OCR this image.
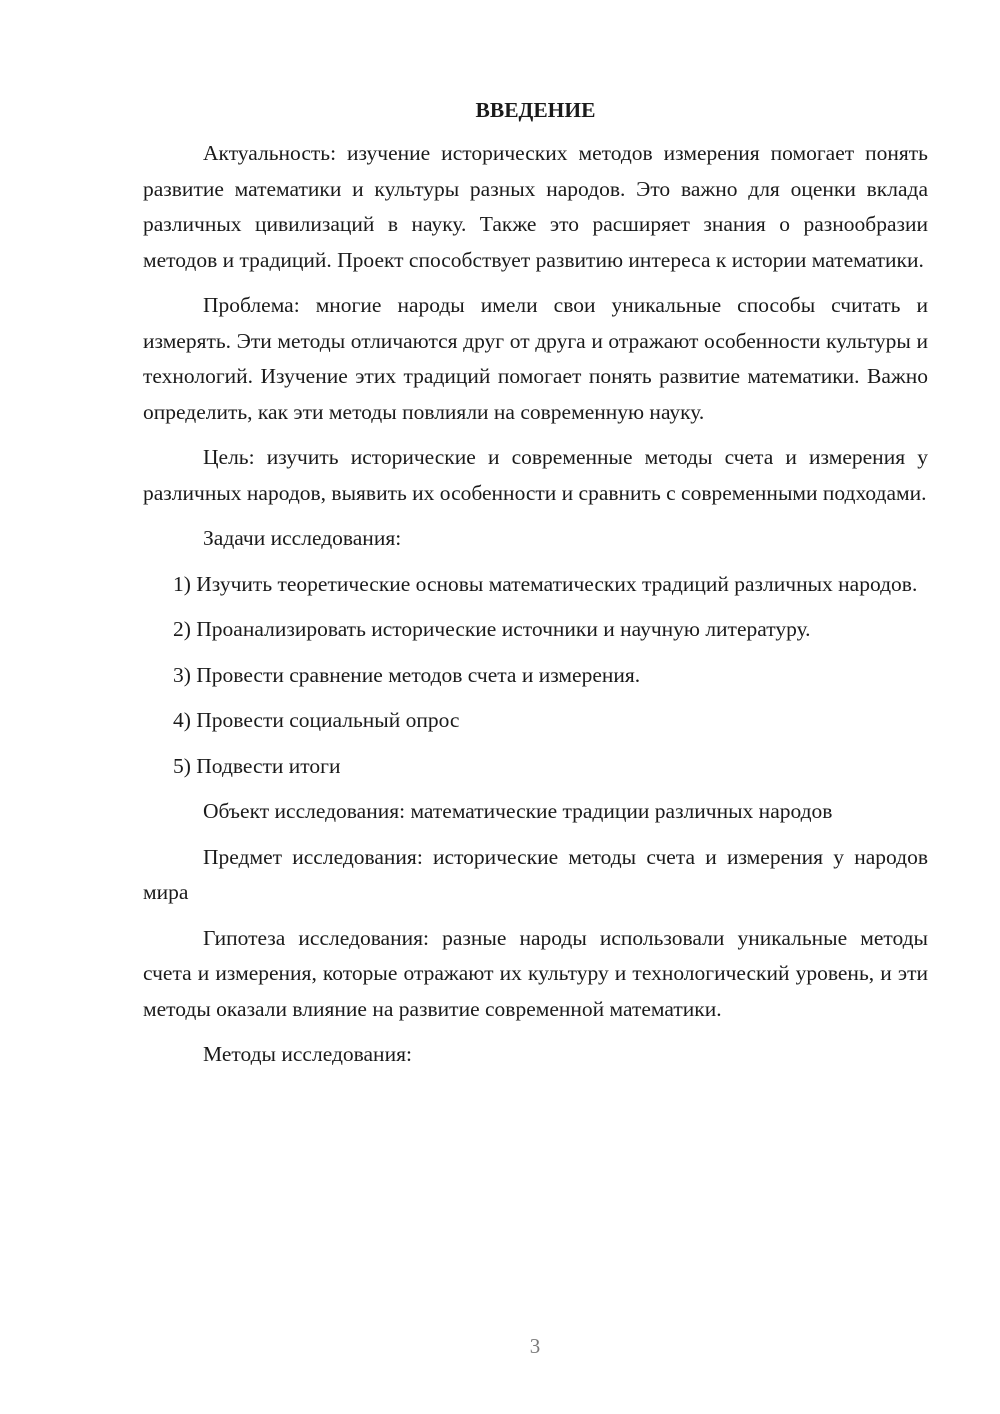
ВВЕДЕНИЕ

Актуальность: изучение исторических методов измерения помогает понять развитие математики и культуры разных народов. Это важно для оценки вклада различных цивилизаций в науку. Также это расширяет знания о разнообразии методов и традиций. Проект способствует развитию интереса к истории математики.

Проблема: многие народы имели свои уникальные способы считать и измерять. Эти методы отличаются друг от друга и отражают особенности культуры и технологий. Изучение этих традиций помогает понять развитие математики. Важно определить, как эти методы повлияли на современную науку.

Цель: изучить исторические и современные методы счета и измерения у различных народов, выявить их особенности и сравнить с современными подходами.

Задачи исследования:

1) Изучить теоретические основы математических традиций различных народов.

2) Проанализировать исторические источники и научную литературу.

3) Провести сравнение методов счета и измерения.

4) Провести социальный опрос

5) Подвести итоги

Объект исследования: математические традиции различных народов

Предмет исследования: исторические методы счета и измерения у народов мира

Гипотеза исследования: разные народы использовали уникальные методы счета и измерения, которые отражают их культуру и технологический уровень, и эти методы оказали влияние на развитие современной математики.

Методы исследования:

3
